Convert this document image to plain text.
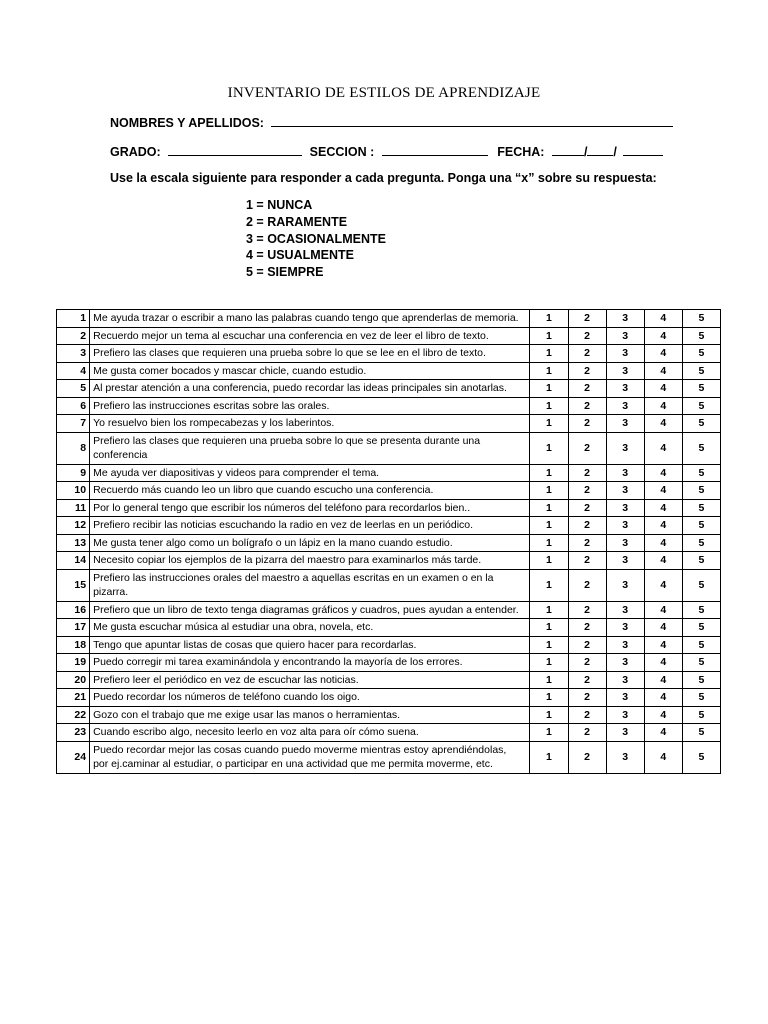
INVENTARIO DE ESTILOS DE APRENDIZAJE
NOMBRES Y APELLIDOS:
GRADO:	SECCION :	FECHA:	/ /
Use la escala siguiente para responder a cada pregunta. Ponga una “x” sobre su respuesta:
1 = NUNCA
2 = RARAMENTE
3 = OCASIONALMENTE
4 = USUALMENTE
5 = SIEMPRE
1	Me ayuda trazar o escribir a mano las palabras cuando tengo que aprenderlas de memoria.	1	2	3	4	5
2	Recuerdo mejor un tema al escuchar una conferencia en vez de leer el libro de texto.	1	2	3	4	5
3	Prefiero las clases que requieren una prueba sobre lo que se lee en el libro de texto.	1	2	3	4	5
4	Me gusta comer bocados y mascar chicle, cuando estudio.	1	2	3	4	5
5	Al prestar atención a una conferencia, puedo recordar las ideas principales sin anotarlas.	1	2	3	4	5
6	Prefiero las instrucciones escritas sobre las orales.	1	2	3	4	5
7	Yo resuelvo bien los rompecabezas y los laberintos.	1	2	3	4	5
8	Prefiero las clases que requieren una prueba sobre lo que se presenta durante una conferencia	1	2	3	4	5
9	Me ayuda ver diapositivas y videos para comprender el tema.	1	2	3	4	5
10	Recuerdo más cuando leo un libro que cuando escucho una conferencia.	1	2	3	4	5
11	Por lo general tengo que escribir los números del teléfono para recordarlos bien..	1	2	3	4	5
12	Prefiero recibir las noticias escuchando la radio en vez de leerlas en un periódico.	1	2	3	4	5
13	Me gusta tener algo como un bolígrafo o un lápiz en la mano cuando estudio.	1	2	3	4	5
14	Necesito copiar los ejemplos de la pizarra del maestro para examinarlos más tarde.	1	2	3	4	5
15	Prefiero las instrucciones orales del maestro a aquellas escritas en un examen o en la pizarra.	1	2	3	4	5
16	Prefiero que un libro de texto tenga diagramas gráficos y cuadros, pues ayudan a entender.	1	2	3	4	5
17	Me gusta escuchar música al estudiar una obra, novela, etc.	1	2	3	4	5
18	Tengo que apuntar listas de cosas que quiero hacer para recordarlas.	1	2	3	4	5
19	Puedo corregir mi tarea examinándola y encontrando la mayoría de los errores.	1	2	3	4	5
20	Prefiero leer el periódico en vez de escuchar las noticias.	1	2	3	4	5
21	Puedo recordar los números de teléfono cuando los oigo.	1	2	3	4	5
22	Gozo con el trabajo que me exige usar las manos o herramientas.	1	2	3	4	5
23	Cuando escribo algo, necesito leerlo en voz alta para oír cómo suena.	1	2	3	4	5
24	Puedo recordar mejor las cosas cuando puedo moverme mientras estoy aprendiéndolas,
por ej.caminar al estudiar, o participar en una actividad que me permita moverme, etc.	1	2	3	4	5
